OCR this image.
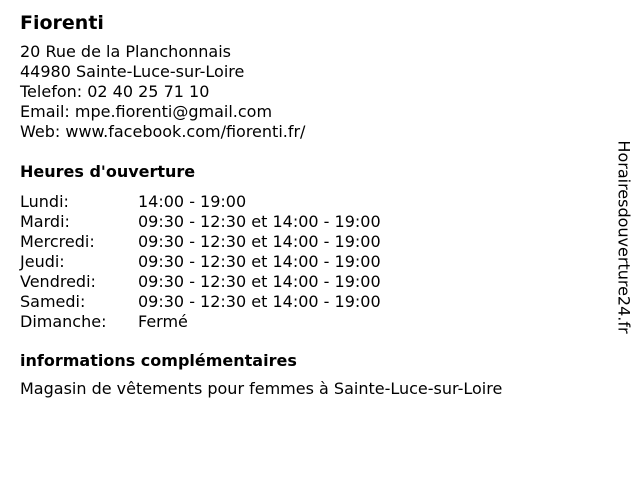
Fiorenti
20 Rue de la Planchonnais
44980 Sainte-Luce-sur-Loire
Telefon: 02 40 25 71 10
Email: mpe.fiorenti@gmail.com
Web: www.facebook.com/fiorenti.fr/
Heures d'ouverture
Lundi:	14:00 - 19:00
Mardi:	09:30 - 12:30 et 14:00 - 19:00
Mercredi:	09:30 - 12:30 et 14:00 - 19:00
Jeudi:	09:30 - 12:30 et 14:00 - 19:00
Vendredi:	09:30 - 12:30 et 14:00 - 19:00
Samedi:	09:30 - 12:30 et 14:00 - 19:00
Dimanche:	Fermé
informations complémentaires
Magasin de vêtements pour femmes à Sainte-Luce-sur-Loire
Horairesdouverture24.fr
